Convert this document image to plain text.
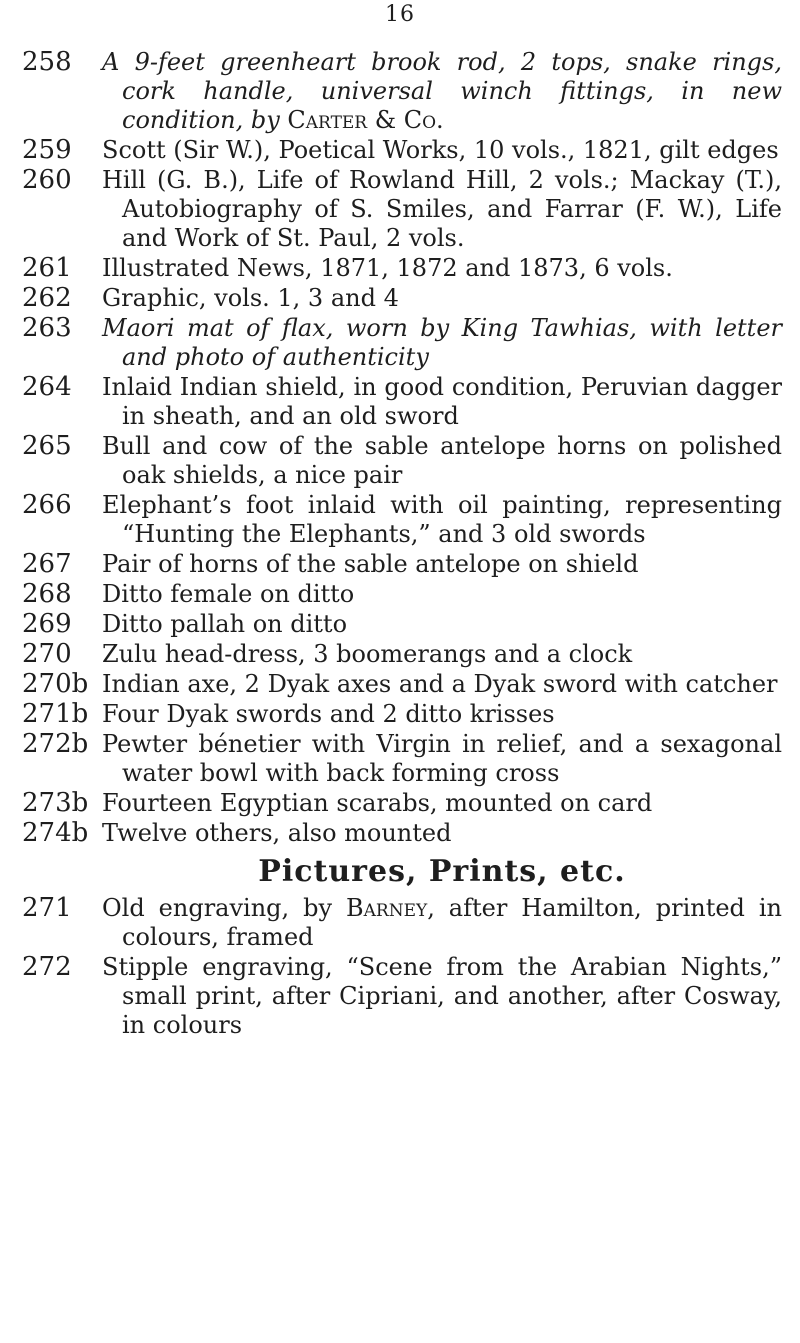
16
258	A 9-feet greenheart brook rod, 2 tops, snake rings, cork handle, universal winch fittings, in new condition, by Carter & Co.
259	Scott (Sir W.), Poetical Works, 10 vols., 1821, gilt edges
260	Hill (G. B.), Life of Rowland Hill, 2 vols.; Mackay (T.), Autobiography of S. Smiles, and Farrar (F. W.), Life and Work of St. Paul, 2 vols.
261	Illustrated News, 1871, 1872 and 1873, 6 vols.
262	Graphic, vols. 1, 3 and 4
263	Maori mat of flax, worn by King Tawhias, with letter and photo of authenticity
264	Inlaid Indian shield, in good condition, Peruvian dagger in sheath, and an old sword
265	Bull and cow of the sable antelope horns on polished oak shields, a nice pair
266	Elephant’s foot inlaid with oil painting, representing “Hunting the Elephants,” and 3 old swords
267	Pair of horns of the sable antelope on shield
268	Ditto female on ditto
269	Ditto pallah on ditto
270	Zulu head-dress, 3 boomerangs and a clock
270b Indian axe, 2 Dyak axes and a Dyak sword with catcher
271b Four Dyak swords and 2 ditto krisses
272b Pewter bénetier with Virgin in relief, and a sexagonal water bowl with back forming cross
273b Fourteen Egyptian scarabs, mounted on card
274b Twelve others, also mounted
Pictures, Prints, etc.
271	Old engraving, by Barney, after Hamilton, printed in colours, framed
272	Stipple engraving, “Scene from the Arabian Nights,” small print, after Cipriani, and another, after Cosway, in colours
